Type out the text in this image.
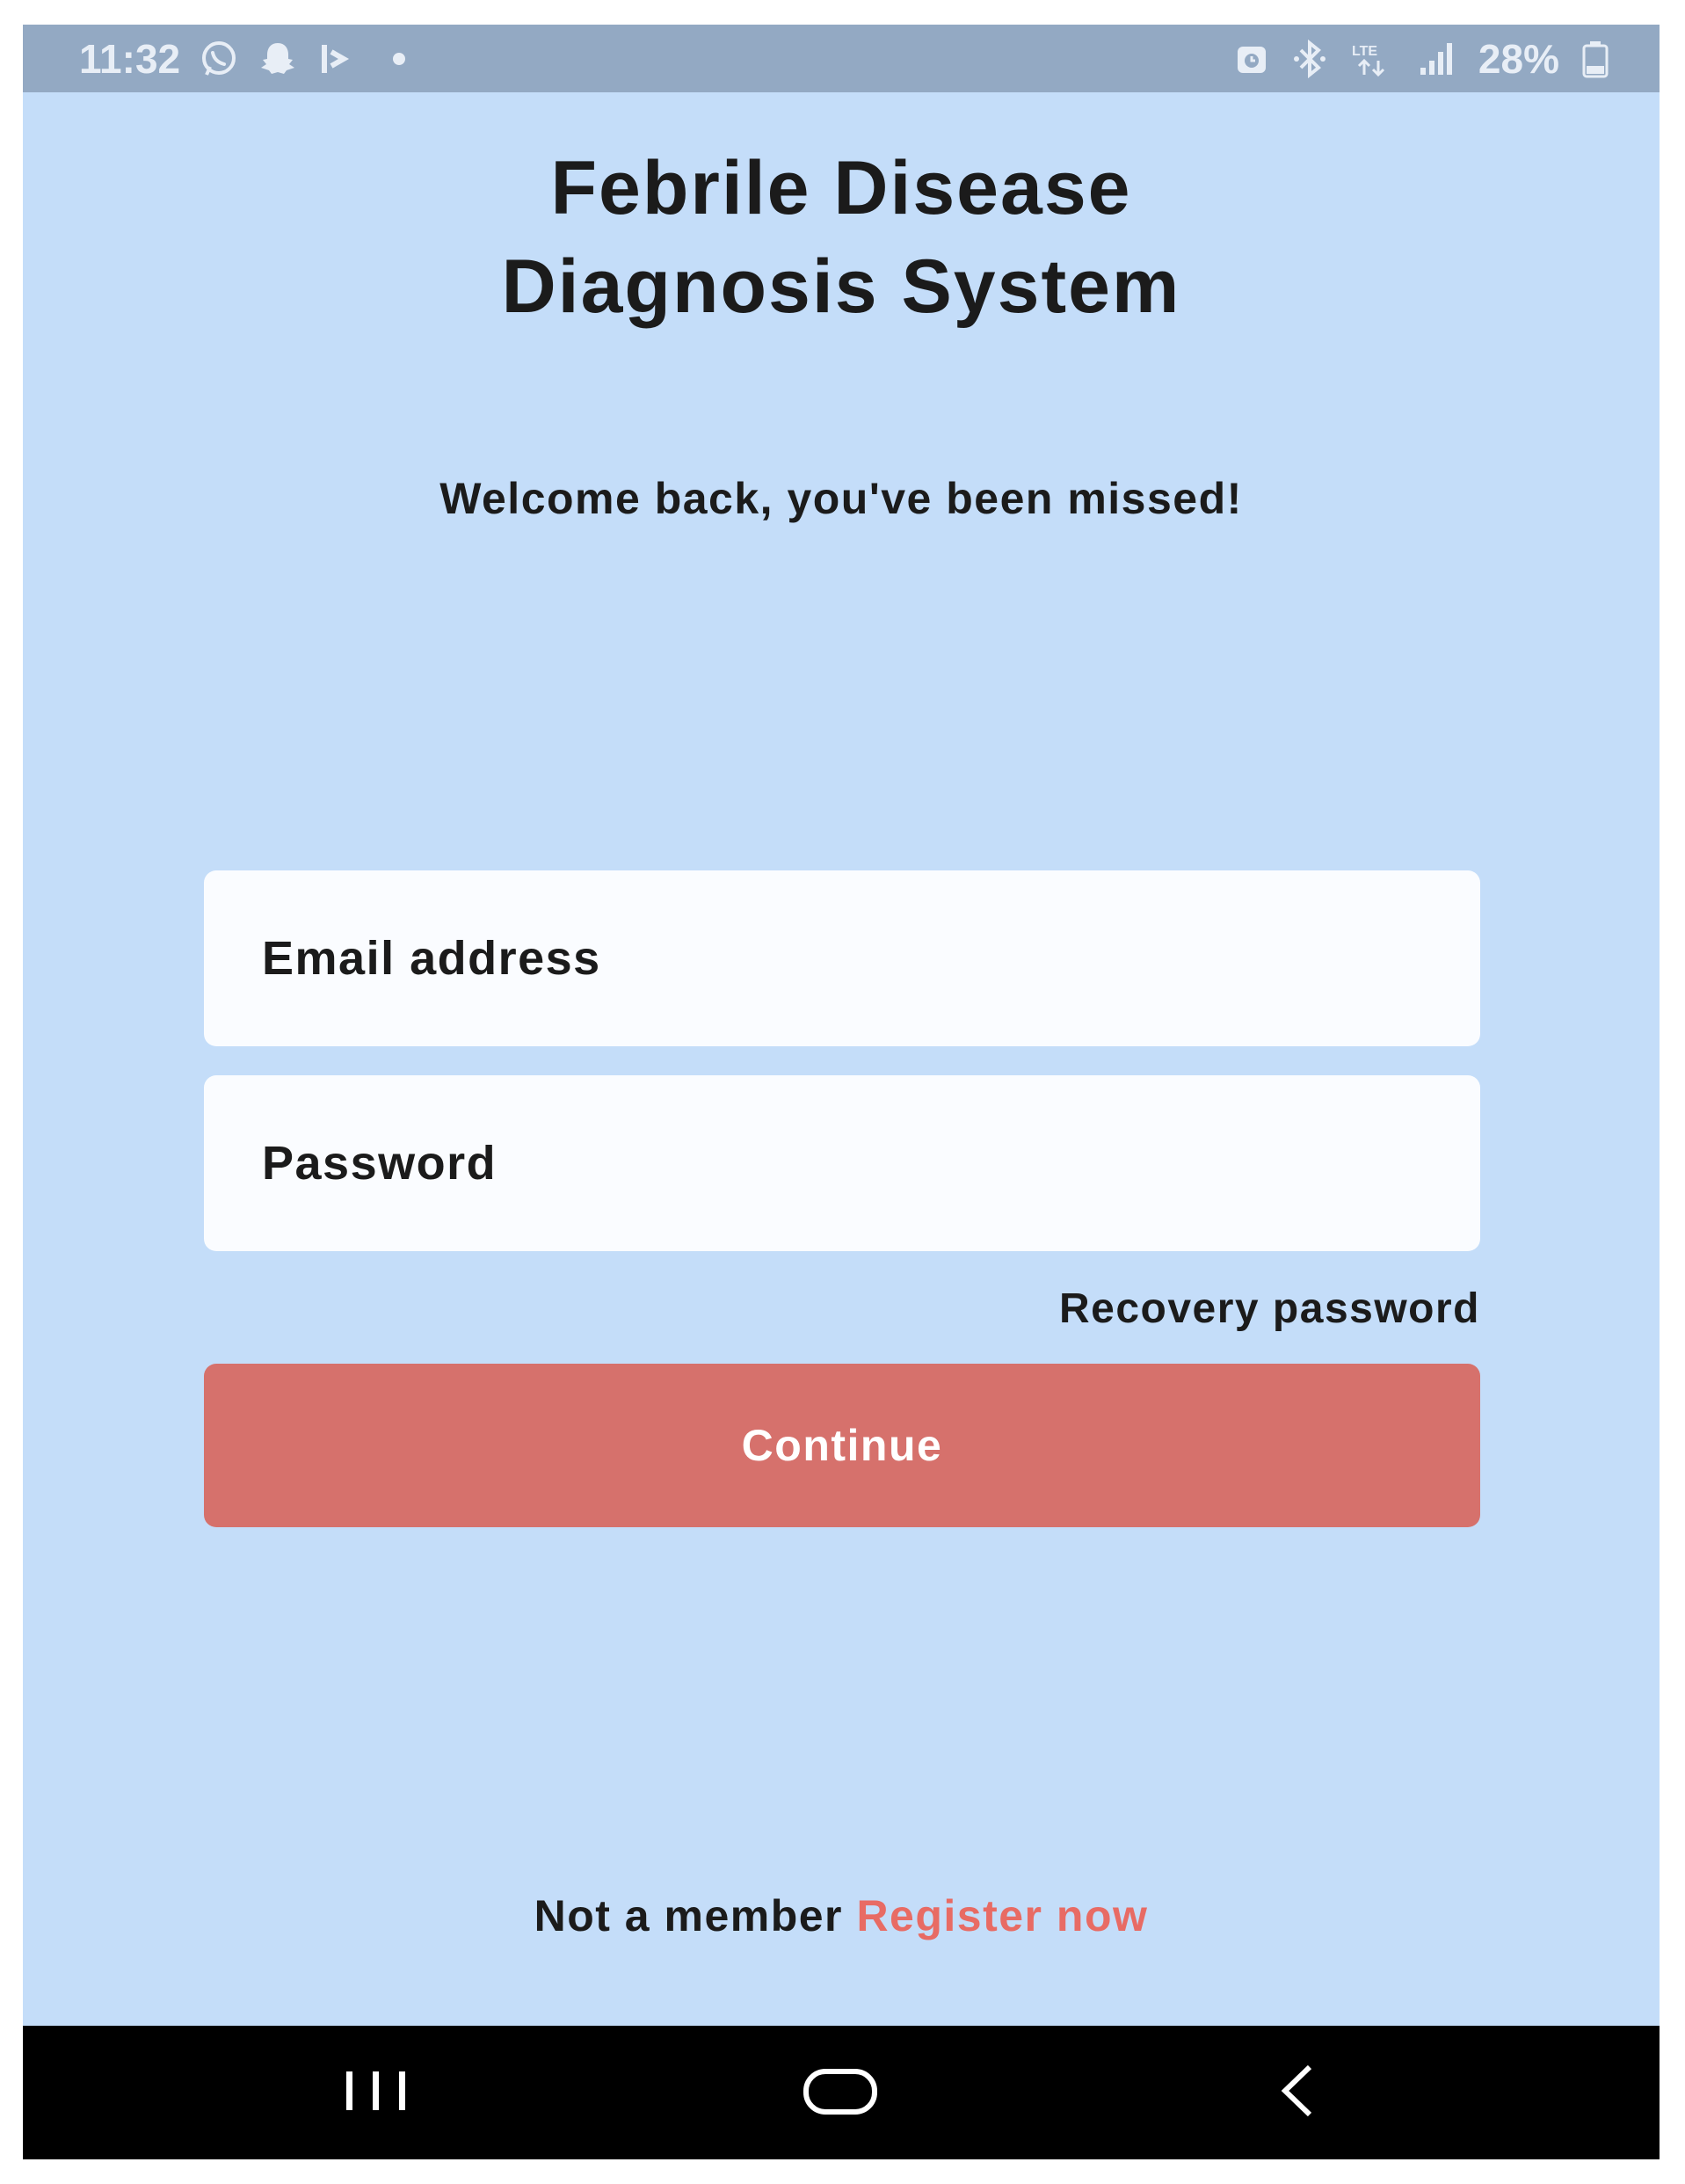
11:32	LTE 28%
Febrile Disease
Diagnosis System
Welcome back, you've been missed!
Email address
Recovery password
Continue
Not a member Register now
